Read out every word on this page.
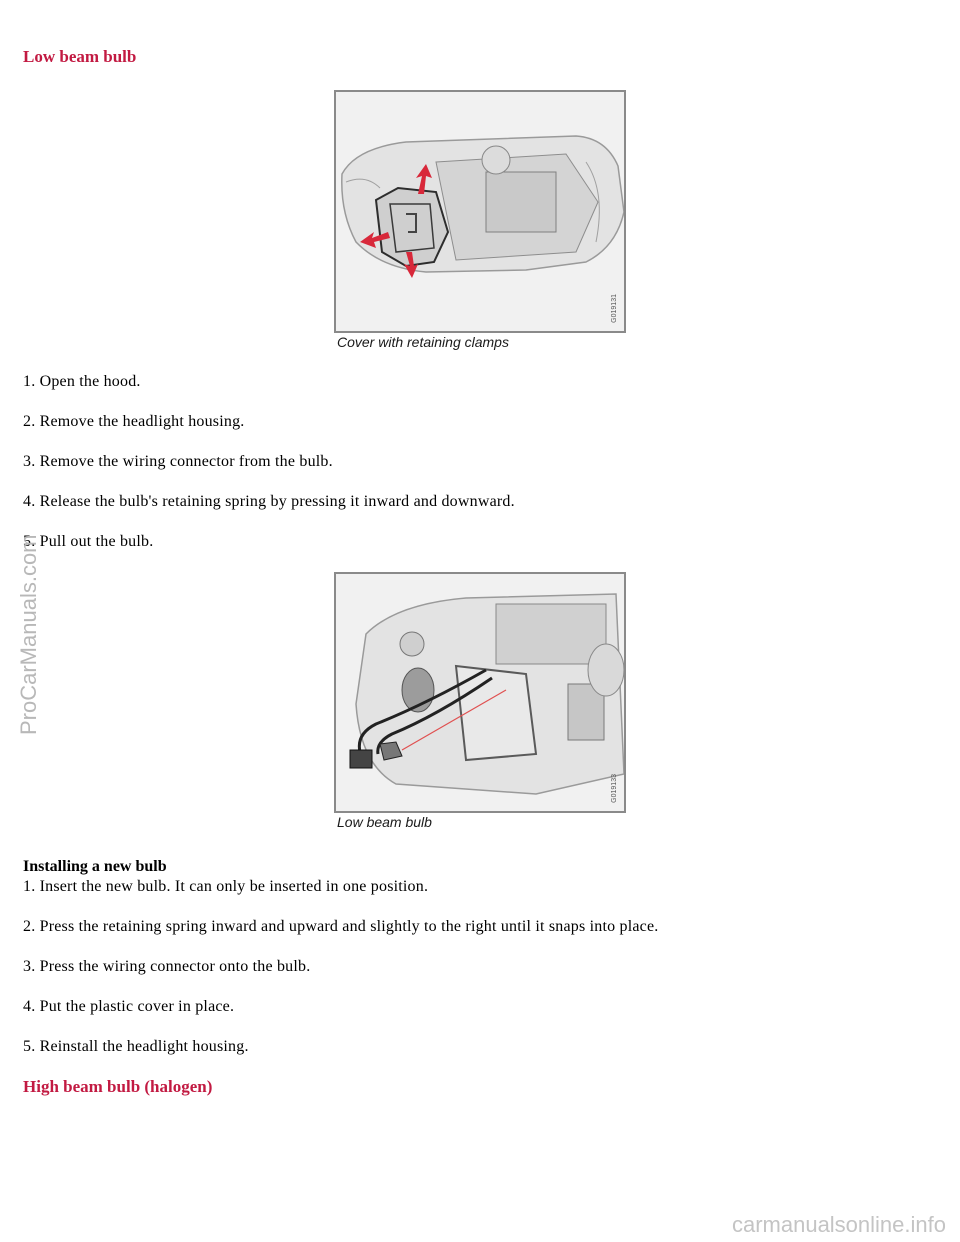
Low beam bulb
G019131

Cover with retaining clamps

1. Open the hood.

2. Remove the headlight housing.

3. Remove the wiring connector from the bulb.

4. Release the bulb's retaining spring by pressing it inward and downward.

5. Pull out the bulb.

G019133

Low beam bulb

Installing a new bulb

1. Insert the new bulb. It can only be inserted in one position.

2. Press the retaining spring inward and upward and slightly to the right until it snaps into place.

3. Press the wiring connector onto the bulb.

4. Put the plastic cover in place.

5. Reinstall the headlight housing.

High beam bulb (halogen)
ProCarManuals.com
carmanualsonline.info
